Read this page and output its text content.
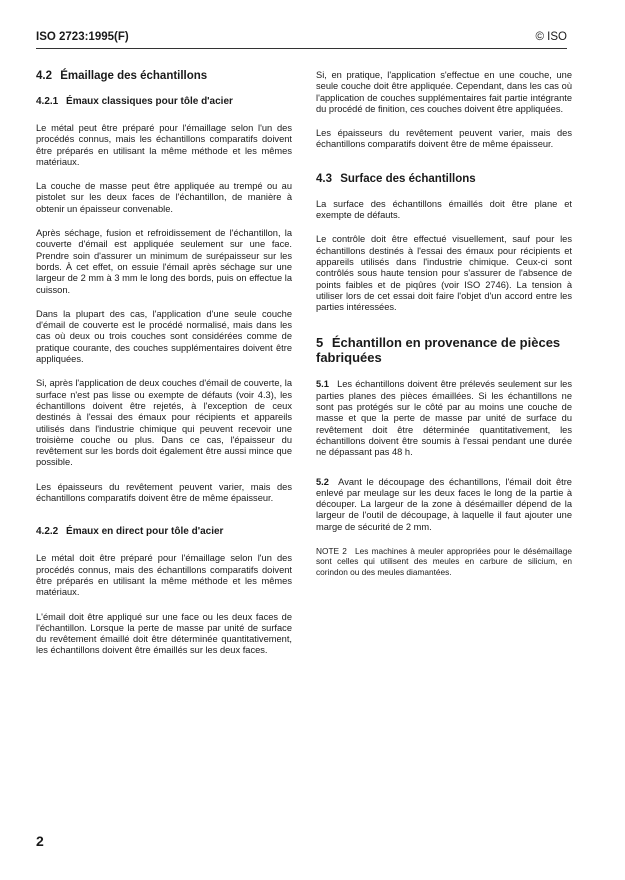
ISO 2723:1995(F)	© ISO
4.2 Émaillage des échantillons
4.2.1 Émaux classiques pour tôle d'acier

Le métal peut être préparé pour l'émaillage selon l'un des procédés connus, mais les échantillons comparatifs doivent être préparés en utilisant la même méthode et les mêmes matériaux.

La couche de masse peut être appliquée au trempé ou au pistolet sur les deux faces de l'échantillon, de manière à obtenir un épaisseur convenable.

Après séchage, fusion et refroidissement de l'échantillon, la couverte d'émail est appliquée seulement sur une face. Prendre soin d'assurer un minimum de surépaisseur sur les bords. À cet effet, on essuie l'émail après séchage sur une largeur de 2 mm à 3 mm le long des bords, puis on effectue la cuisson.

Dans la plupart des cas, l'application d'une seule couche d'émail de couverte est le procédé normalisé, mais dans les cas où deux ou trois couches sont considérées comme de pratique courante, des couches supplémentaires doivent être appliquées.

Si, après l'application de deux couches d'émail de couverte, la surface n'est pas lisse ou exempte de défauts (voir 4.3), les échantillons doivent être rejetés, à l'exception de ceux destinés à l'essai des émaux pour récipients et appareils utilisés dans l'industrie chimique qui peuvent recevoir une troisième couche ou plus. Dans ce cas, l'épaisseur du revêtement sur les bords doit également être aussi mince que possible.

Les épaisseurs du revêtement peuvent varier, mais des échantillons comparatifs doivent être de même épaisseur.

4.2.2 Émaux en direct pour tôle d'acier

Le métal doit être préparé pour l'émaillage selon l'un des procédés connus, mais des échantillons comparatifs doivent être préparés en utilisant la même méthode et les mêmes matériaux.

L'émail doit être appliqué sur une face ou les deux faces de l'échantillon. Lorsque la perte de masse par unité de surface du revêtement émaillé doit être déterminée quantitativement, les échantillons doivent être émaillés sur les deux faces.

Si, en pratique, l'application s'effectue en une couche, une seule couche doit être appliquée. Cependant, dans les cas où l'application de couches supplémentaires fait partie intégrante du procédé de finition, ces couches doivent être appliquées.

Les épaisseurs du revêtement peuvent varier, mais des échantillons comparatifs doivent être de même épaisseur.

4.3 Surface des échantillons

La surface des échantillons émaillés doit être plane et exempte de défauts.

Le contrôle doit être effectué visuellement, sauf pour les échantillons destinés à l'essai des émaux pour récipients et appareils utilisés dans l'industrie chimique. Ceux-ci sont contrôlés sous haute tension pour s'assurer de l'absence de points faibles et de piqûres (voir ISO 2746). La tension à utiliser lors de cet essai doit faire l'objet d'un accord entre les parties intéressées.

5 Échantillon en provenance de pièces fabriquées

5.1 Les échantillons doivent être prélevés seulement sur les parties planes des pièces émaillées. Si les échantillons ne sont pas protégés sur le côté par au moins une couche de masse et que la perte de masse par unité de surface du revêtement doit être déterminée quantitativement, les échantillons doivent être soumis à l'essai pendant une durée ne dépassant pas 48 h.

5.2 Avant le découpage des échantillons, l'émail doit être enlevé par meulage sur les deux faces le long de la partie à découper. La largeur de la zone à désémailler dépend de la largeur de l'outil de découpage, à laquelle il faut ajouter une marge de sécurité de 2 mm.

NOTE 2 Les machines à meuler appropriées pour le désémaillage sont celles qui utilisent des meules en carbure de silicium, en corindon ou des meules diamantées.

2
